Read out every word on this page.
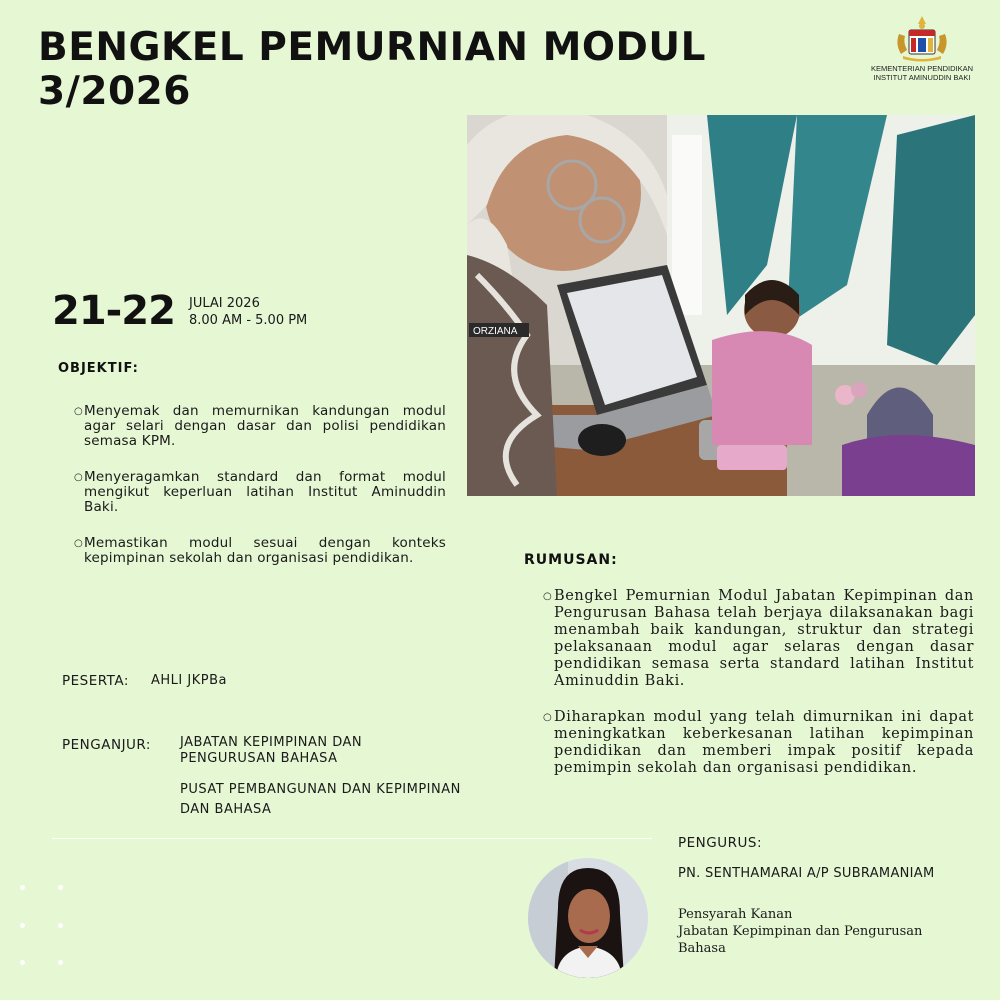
BENGKEL PEMURNIAN MODUL
3/2026
KEMENTERIAN PENDIDIKAN
INSTITUT AMINUDDIN BAKI
ORZIANA
21-22 JULAI 2026
8.00 AM - 5.00 PM
OBJEKTIF:
○ Menyemak dan memurnikan kandungan modul agar selari dengan dasar dan polisi pendidikan semasa KPM.
○ Menyeragamkan standard dan format modul mengikut keperluan latihan Institut Aminuddin Baki.
○ Memastikan modul sesuai dengan konteks kepimpinan sekolah dan organisasi pendidikan.	RUMUSAN:
○ Bengkel Pemurnian Modul Jabatan Kepimpinan dan Pengurusan Bahasa telah berjaya dilaksanakan bagi menambah baik kandungan, struktur dan strategi pelaksanaan modul agar selaras dengan dasar pendidikan semasa serta standard latihan Institut Aminuddin Baki.
○ Diharapkan modul yang telah dimurnikan ini dapat meningkatkan keberkesanan latihan kepimpinan pendidikan dan memberi impak positif kepada pemimpin sekolah dan organisasi pendidikan.
PESERTA: AHLI JKPBa
PENGANJUR: JABATAN KEPIMPINAN DAN PENGURUSAN BAHASA
PUSAT PEMBANGUNAN DAN KEPIMPINAN DAN BAHASA
PENGURUS:
PN. SENTHAMARAI A/P SUBRAMANIAM
Pensyarah Kanan
Jabatan Kepimpinan dan Pengurusan Bahasa
